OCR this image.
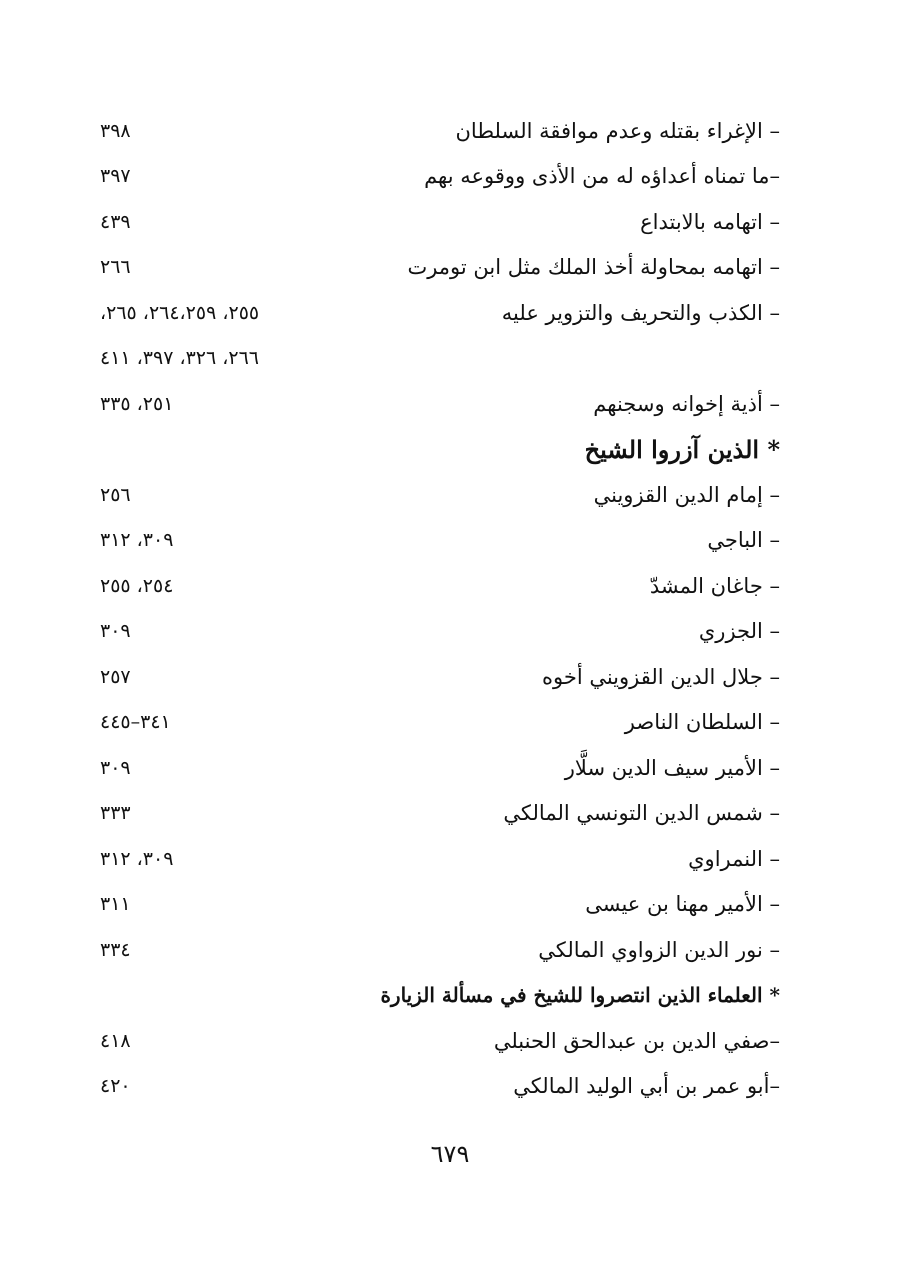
– الإغراء بقتله وعدم موافقة السلطان
٣٩٨
–ما تمناه أعداؤه له من الأذى ووقوعه بهم
٣٩٧
– اتهامه بالابتداع
٤٣٩
– اتهامه بمحاولة أخذ الملك مثل ابن تومرت
٢٦٦
– الكذب والتحريف والتزوير عليه
٢٥٥، ٢٦٤،٢٥٩، ٢٦٥،
٢٦٦، ٣٢٦، ٣٩٧، ٤١١
– أذية إخوانه وسجنهم
٢٥١، ٣٣٥
* الذين آزروا الشيخ
– إمام الدين القزويني
٢٥٦
– الباجي
٣٠٩، ٣١٢
– جاغان المشدّ
٢٥٤، ٢٥٥
– الجزري
٣٠٩
– جلال الدين القزويني أخوه
٢٥٧
– السلطان الناصر
٣٤١–٤٤٥
– الأمير سيف الدين سلَّار
٣٠٩
– شمس الدين التونسي المالكي
٣٣٣
– النمراوي
٣٠٩، ٣١٢
– الأمير مهنا بن عيسى
٣١١
– نور الدين الزواوي المالكي
٣٣٤
* العلماء الذين انتصروا للشيخ في مسألة الزيارة
–صفي الدين بن عبدالحق الحنبلي
٤١٨
–أبو عمر بن أبي الوليد المالكي
٤٢٠
٦٧٩
